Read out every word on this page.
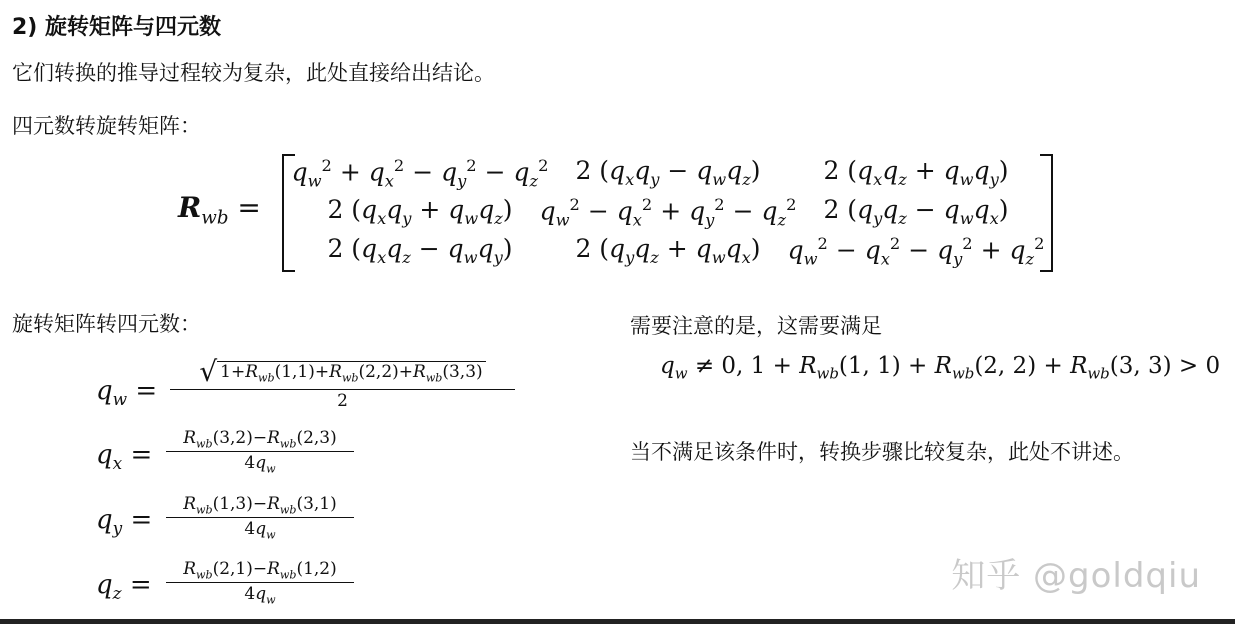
2) 旋转矩阵与四元数
它们转换的推导过程较为复杂，此处直接给出结论。
四元数转旋转矩阵：
$R_{wb}$ =
$q_w^2 + q_x^2 - q_y^2 - q_z^2$	2 $(q_xq_y - q_wq_z)$	2 $(q_xq_z + q_wq_y)$
2 $(q_xq_y + q_wq_z)$	$q_w^2 - q_x^2 + q_y^2 - q_z^2$	2 $(q_yq_z - q_wq_x)$
2 $(q_xq_z - q_wq_y)$	2 $(q_yq_z + q_wq_x)$	$q_w^2 - q_x^2 - q_y^2 + q_z^2$
旋转矩阵转四元数：
$q_w$ =
√ $1+R_{wb}(1,1)+R_{wb}(2,2)+R_{wb}(3,3)$
2
$q_x$ =
$R_{wb}(3,2)-R_{wb}(2,3)$
$4q_w$
$q_y$ =
$R_{wb}(1,3)-R_{wb}(3,1)$
$4q_w$
$q_z$ =
$R_{wb}(2,1)-R_{wb}(1,2)$
$4q_w$
需要注意的是，这需要满足
$q_w \ne 0$, $1 + R_{wb}(1$, $1) + R_{wb}(2$, $2) + R_{wb}(3$, 3) > 0
当不满足该条件时，转换步骤比较复杂，此处不讲述。
知乎 @goldqiu
